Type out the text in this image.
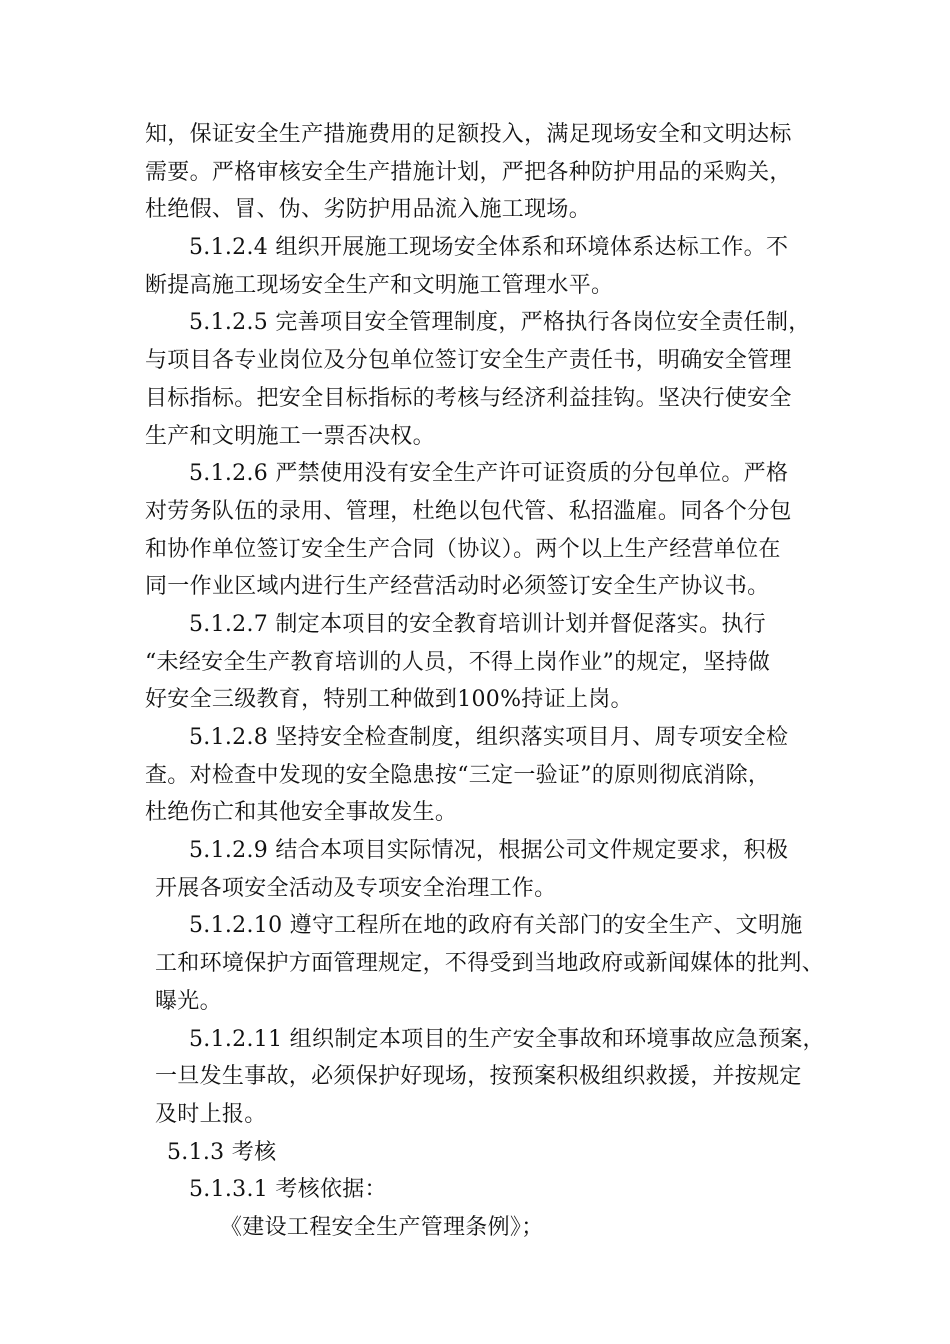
知，保证安全生产措施费用的足额投入，满足现场安全和文明达标
需要。严格审核安全生产措施计划，严把各种防护用品的采购关，
杜绝假、冒、伪、劣防护用品流入施工现场。
5.1.2.4 组织开展施工现场安全体系和环境体系达标工作。不
断提高施工现场安全生产和文明施工管理水平。
5.1.2.5 完善项目安全管理制度，严格执行各岗位安全责任制，
与项目各专业岗位及分包单位签订安全生产责任书，明确安全管理
目标指标。把安全目标指标的考核与经济利益挂钩。坚决行使安全
生产和文明施工一票否决权。
5.1.2.6 严禁使用没有安全生产许可证资质的分包单位。严格
对劳务队伍的录用、管理，杜绝以包代管、私招滥雇。同各个分包
和协作单位签订安全生产合同（协议）。两个以上生产经营单位在
同一作业区域内进行生产经营活动时必须签订安全生产协议书。
5.1.2.7 制定本项目的安全教育培训计划并督促落实。执行
“未经安全生产教育培训的人员，不得上岗作业”的规定，坚持做
好安全三级教育，特别工种做到100%持证上岗。
5.1.2.8 坚持安全检查制度，组织落实项目月、周专项安全检
查。对检查中发现的安全隐患按“三定一验证”的原则彻底消除，
杜绝伤亡和其他安全事故发生。
5.1.2.9 结合本项目实际情况，根据公司文件规定要求，积极
开展各项安全活动及专项安全治理工作。
5.1.2.10 遵守工程所在地的政府有关部门的安全生产、文明施
工和环境保护方面管理规定，不得受到当地政府或新闻媒体的批判、
曝光。
5.1.2.11 组织制定本项目的生产安全事故和环境事故应急预案，
一旦发生事故，必须保护好现场，按预案积极组织救援，并按规定
及时上报。
5.1.3 考核
5.1.3.1 考核依据：
《建设工程安全生产管理条例》；
